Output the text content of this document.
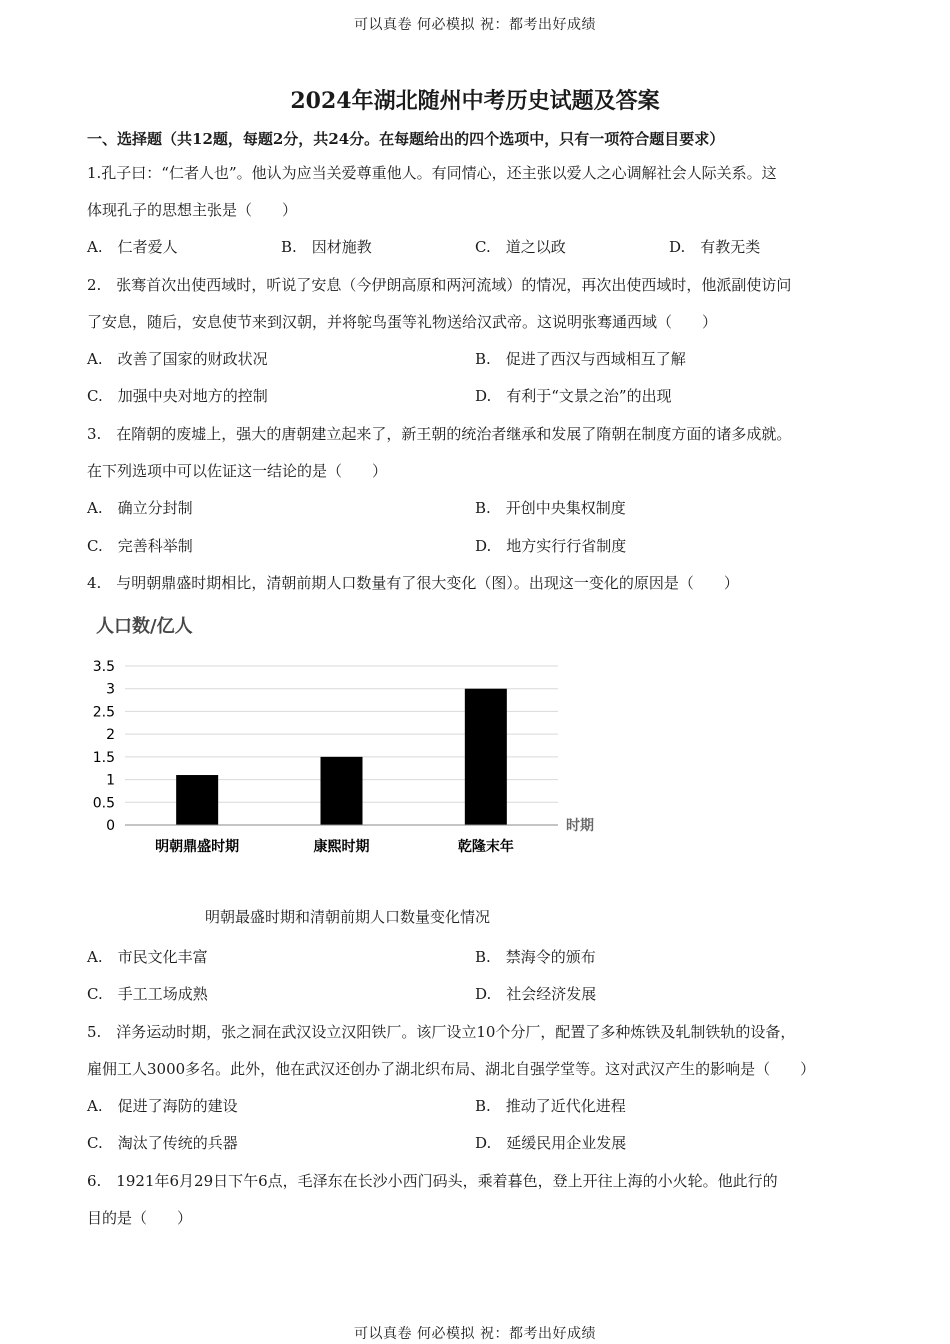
可以真卷 何必模拟 祝：都考出好成绩
2024年湖北随州中考历史试题及答案
一、选择题（共12题，每题2分，共24分。在每题给出的四个选项中，只有一项符合题目要求）
1.孔子曰：“仁者人也”。他认为应当关爱尊重他人。有同情心，还主张以爱人之心调解社会人际关系。这
体现孔子的思想主张是（　　）
A.　仁者爱人	B.　因材施教	C.　道之以政	D.　有教无类
2.　张骞首次出使西域时，听说了安息（今伊朗高原和两河流域）的情况，再次出使西域时，他派副使访问
了安息，随后，安息使节来到汉朝，并将鸵鸟蛋等礼物送给汉武帝。这说明张骞通西域（　　）
A.　改善了国家的财政状况	B.　促进了西汉与西域相互了解
C.　加强中央对地方的控制	D.　有利于“文景之治”的出现
3.　在隋朝的废墟上，强大的唐朝建立起来了，新王朝的统治者继承和发展了隋朝在制度方面的诸多成就。
在下列选项中可以佐证这一结论的是（　　）
A.　确立分封制	B.　开创中央集权制度
C.　完善科举制	D.　地方实行行省制度
4.　与明朝鼎盛时期相比，清朝前期人口数量有了很大变化（图）。出现这一变化的原因是（　　）
人口数/亿人
0
0.5
1
1.5
2
2.5
3
3.5
明朝鼎盛时期	康熙时期	乾隆末年
时期
明朝最盛时期和清朝前期人口数量变化情况
A.　市民文化丰富	B.　禁海令的颁布
C.　手工工场成熟	D.　社会经济发展
5.　洋务运动时期，张之洞在武汉设立汉阳铁厂。该厂设立10个分厂，配置了多种炼铁及轧制铁轨的设备，
雇佣工人3000多名。此外，他在武汉还创办了湖北织布局、湖北自强学堂等。这对武汉产生的影响是（　　）
A.　促进了海防的建设	B.　推动了近代化进程
C.　淘汰了传统的兵器	D.　延缓民用企业发展
6.　1921年6月29日下午6点，毛泽东在长沙小西门码头，乘着暮色，登上开往上海的小火轮。他此行的
目的是（　　）
可以真卷 何必模拟 祝：都考出好成绩
